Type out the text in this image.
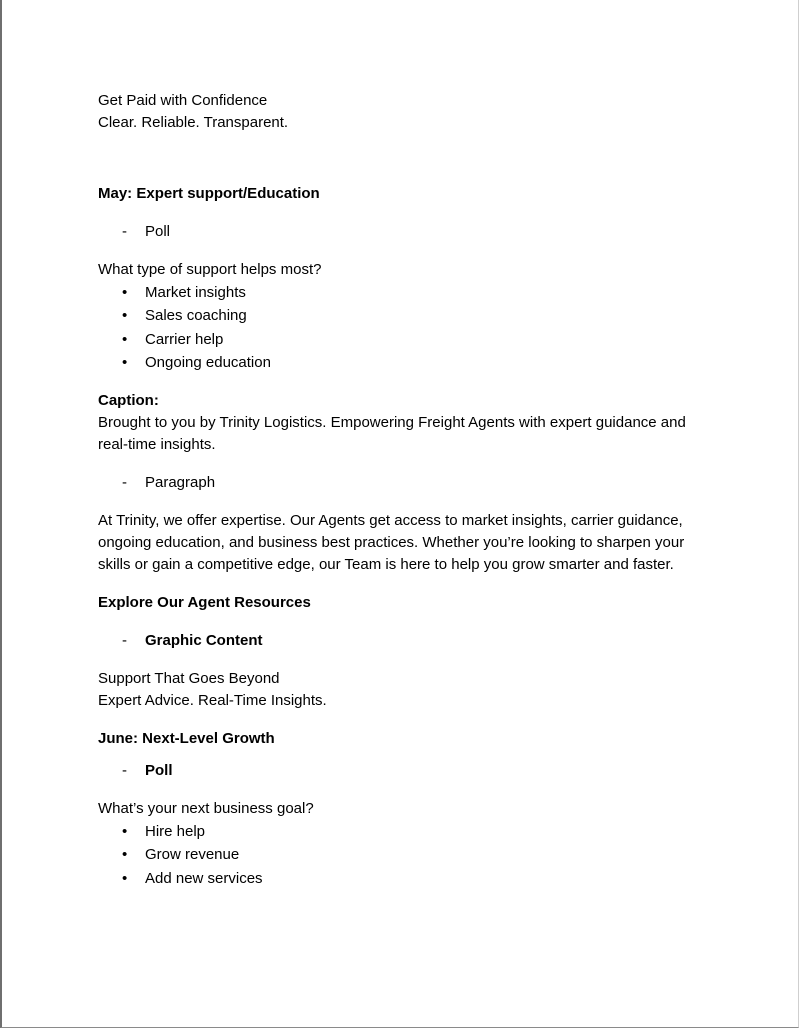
Get Paid with Confidence

Clear. Reliable. Transparent.

May: Expert support/Education

- Poll

What type of support helps most?

• Market insights
• Sales coaching
• Carrier help
• Ongoing education

Caption:

Brought to you by Trinity Logistics. Empowering Freight Agents with expert guidance and real-time insights.

- Paragraph

At Trinity, we offer expertise. Our Agents get access to market insights, carrier guidance, ongoing education, and business best practices. Whether you’re looking to sharpen your skills or gain a competitive edge, our Team is here to help you grow smarter and faster.

Explore Our Agent Resources

- Graphic Content

Support That Goes Beyond

Expert Advice. Real-Time Insights.

June: Next-Level Growth

- Poll

What’s your next business goal?

• Hire help
• Grow revenue
• Add new services
